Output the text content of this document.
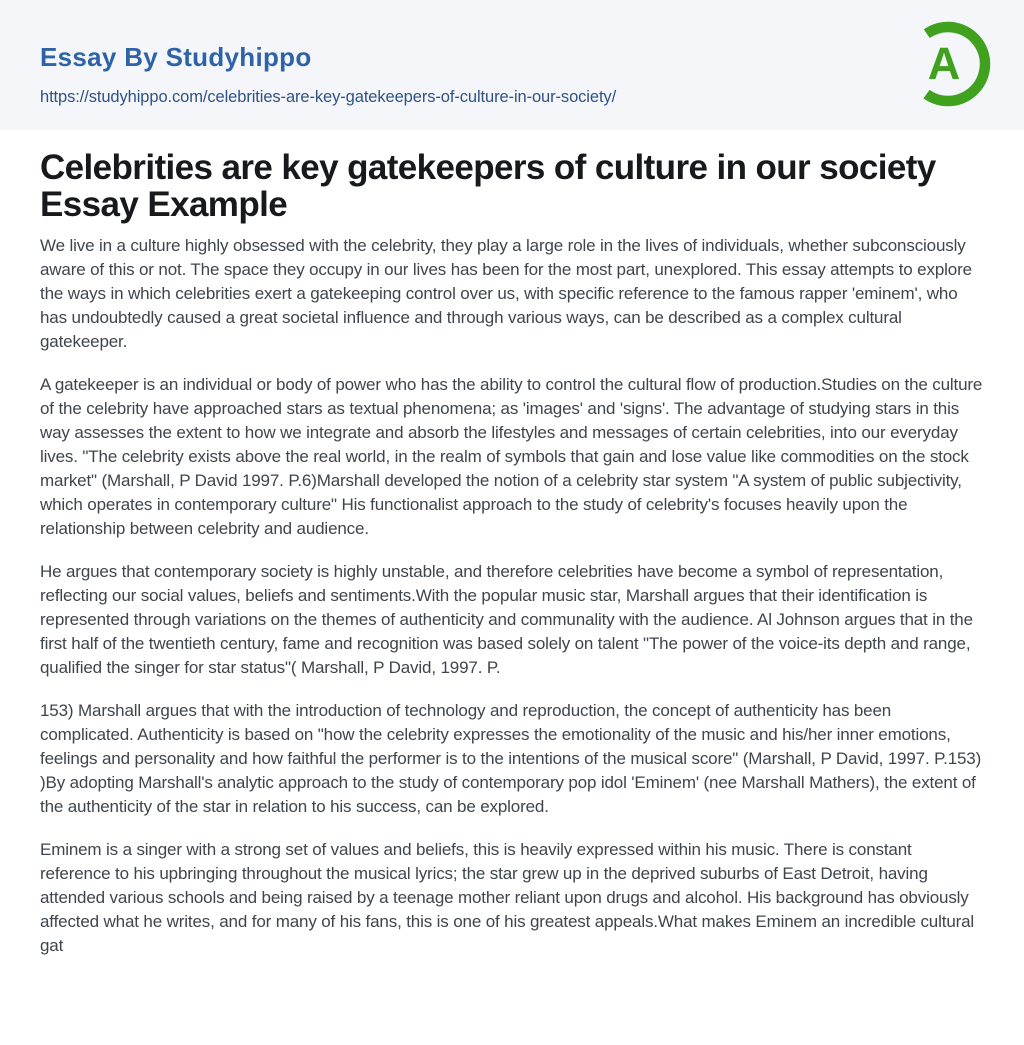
Essay By Studyhippo
https://studyhippo.com/celebrities-are-key-gatekeepers-of-culture-in-our-society/
A
Celebrities are key gatekeepers of culture in our society Essay Example

We live in a culture highly obsessed with the celebrity, they play a large role in the lives of individuals, whether subconsciously aware of this or not. The space they occupy in our lives has been for the most part, unexplored. This essay attempts to explore the ways in which celebrities exert a gatekeeping control over us, with specific reference to the famous rapper 'eminem', who has undoubtedly caused a great societal influence and through various ways, can be described as a complex cultural gatekeeper.

A gatekeeper is an individual or body of power who has the ability to control the cultural flow of production.Studies on the culture of the celebrity have approached stars as textual phenomena; as 'images' and 'signs'. The advantage of studying stars in this way assesses the extent to how we integrate and absorb the lifestyles and messages of certain celebrities, into our everyday lives. "The celebrity exists above the real world, in the realm of symbols that gain and lose value like commodities on the stock market" (Marshall, P David 1997. P.6)Marshall developed the notion of a celebrity star system "A system of public subjectivity, which operates in contemporary culture" His functionalist approach to the study of celebrity's focuses heavily upon the relationship between celebrity and audience.

He argues that contemporary society is highly unstable, and therefore celebrities have become a symbol of representation, reflecting our social values, beliefs and sentiments.With the popular music star, Marshall argues that their identification is represented through variations on the themes of authenticity and communality with the audience. Al Johnson argues that in the first half of the twentieth century, fame and recognition was based solely on talent "The power of the voice-its depth and range, qualified the singer for star status"( Marshall, P David, 1997. P.

153) Marshall argues that with the introduction of technology and reproduction, the concept of authenticity has been complicated. Authenticity is based on "how the celebrity expresses the emotionality of the music and his/her inner emotions, feelings and personality and how faithful the performer is to the intentions of the musical score" (Marshall, P David, 1997. P.153) )By adopting Marshall's analytic approach to the study of contemporary pop idol 'Eminem' (nee Marshall Mathers), the extent of the authenticity of the star in relation to his success, can be explored.

Eminem is a singer with a strong set of values and beliefs, this is heavily expressed within his music. There is constant reference to his upbringing throughout the musical lyrics; the star grew up in the deprived suburbs of East Detroit, having attended various schools and being raised by a teenage mother reliant upon drugs and alcohol. His background has obviously affected what he writes, and for many of his fans, this is one of his greatest appeals.What makes Eminem an incredible cultural gat
